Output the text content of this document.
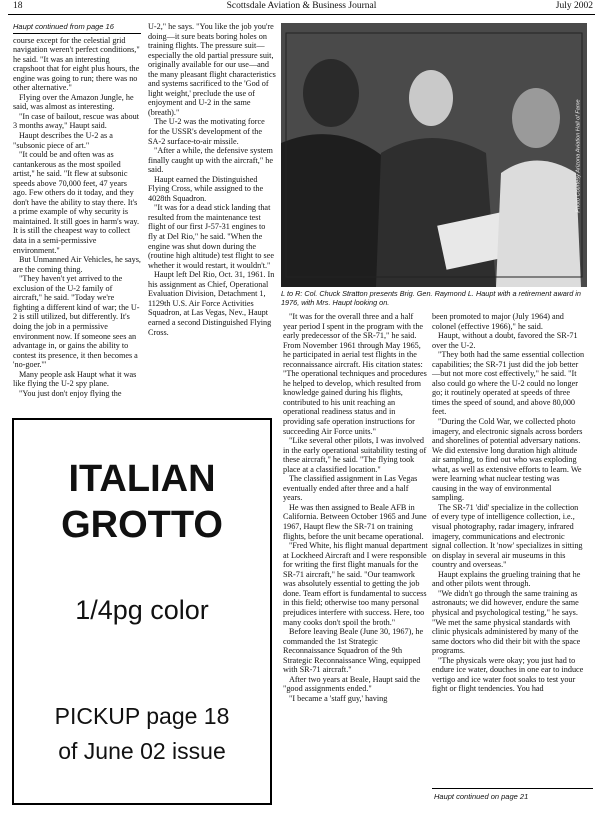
18	Scottsdale Aviation & Business Journal	July 2002

Haupt continued from page 16

course except for the celestial grid navigation weren't perfect conditions," he said. "It was an interesting crapshoot that for eight plus hours, the engine was going to run; there was no other alternative."
	Flying over the Amazon Jungle, he said, was almost as interesting.
	"In case of bailout, rescue was about 3 months away," Haupt said.
	Haupt describes the U-2 as a "subsonic piece of art."
	"It could be and often was as cantankerous as the most spoiled artist," he said. "It flew at subsonic speeds above 70,000 feet, 47 years ago. Few others do it today, and they don't have the ability to stay there. It's a prime example of why security is maintained. It still goes in harm's way. It is still the cheapest way to collect data in a semi-permissive environment."
	But Unmanned Air Vehicles, he says, are the coming thing.
	"They haven't yet arrived to the exclusion of the U-2 family of aircraft," he said. "Today we're fighting a different kind of war; the U-2 is still utilized, but differently. It's doing the job in a permissive environment now. If someone sees an advantage in, or gains the ability to contest its presence, it then becomes a 'no-goer.'"
	Many people ask Haupt what it was like flying the U-2 spy plane.
	"You just don't enjoy flying the

U-2," he says. "You like the job you're doing—it sure beats boring holes on training flights. The pressure suit—especially the old partial pressure suit, originally available for our use—and the many pleasant flight characteristics and systems sacrificed to the 'God of light weight,' preclude the use of enjoyment and U-2 in the same (breath)."
	The U-2 was the motivating force for the USSR's development of the SA-2 surface-to-air missile.
	"After a while, the defensive system finally caught up with the aircraft," he said.
	Haupt earned the Distinguished Flying Cross, while assigned to the 4028th Squadron.
	"It was for a dead stick landing that resulted from the maintenance test flight of our first J-57-31 engines to fly at Del Rio," he said. "When the engine was shut down during the (routine high altitude) test flight to see whether it would restart, it wouldn't."
	Haupt left Del Rio, Oct. 31, 1961. In his assignment as Chief, Operational Evaluation Division, Detachment 1, 1129th U.S. Air Force Activities Squadron, at Las Vegas, Nev., Haupt earned a second Distinguished Flying Cross.

Photo Courtesy Arizona Aviation Hall of Fame
L to R: Col. Chuck Stratton presents Brig. Gen. Raymond L. Haupt with a retirement award in 1976, with Mrs. Haupt looking on.

	"It was for the overall three and a half year period I spent in the program with the early predecessor of the SR-71," he said. From November 1961 through May 1965, he participated in aerial test flights in the reconnaissance aircraft. His citation states: "The operational techniques and procedures he helped to develop, which resulted from knowledge gained during his flights, contributed to his unit reaching an operational readiness status and in providing safe operation instructions for succeeding Air Force units."
	"Like several other pilots, I was involved in the early operational suitability testing of these aircraft," he said. "The flying took place at a classified location."
	The classified assignment in Las Vegas eventually ended after three and a half years.
	He was then assigned to Beale AFB in California. Between October 1965 and June 1967, Haupt flew the SR-71 on training flights, before the unit became operational.
	"Fred White, his flight manual department at Lockheed Aircraft and I were responsible for writing the first flight manuals for the SR-71 aircraft," he said. "Our teamwork was absolutely essential to getting the job done. Team effort is fundamental to success in this field; otherwise too many personal prejudices interfere with success. Here, too many cooks don't spoil the broth."
	Before leaving Beale (June 30, 1967), he commanded the 1st Strategic Reconnaissance Squadron of the 9th Strategic Reconnaissance Wing, equipped with SR-71 aircraft."
	After two years at Beale, Haupt said the "good assignments ended."
	"I became a 'staff guy,' having

been promoted to major (July 1964) and colonel (effective 1966)," he said.
	Haupt, without a doubt, favored the SR-71 over the U-2.
	"They both had the same essential collection capabilities; the SR-71 just did the job better—but not more cost effectively," he said. "It also could go where the U-2 could no longer go; it routinely operated at speeds of three times the speed of sound, and above 80,000 feet.
	"During the Cold War, we collected photo imagery, and electronic signals across borders and shorelines of potential adversary nations. We did extensive long duration high altitude air sampling, to find out who was exploding what, as well as extensive efforts to learn. We were learning what nuclear testing was causing in the way of environmental sampling.
	The SR-71 'did' specialize in the collection of every type of intelligence collection, i.e., visual photography, radar imagery, infrared imagery, communications and electronic signal collection. It 'now' specializes in sitting on display in several air museums in this country and overseas."
	Haupt explains the grueling training that he and other pilots went through.
	"We didn't go through the same training as astronauts; we did however, endure the same physical and psychological testing," he says. "We met the same physical standards with clinic physicals administered by many of the same doctors who did their bit with the space programs.
	"The physicals were okay; you just had to endure ice water, douches in one ear to induce vertigo and ice water foot soaks to test your fight or flight tendencies. You had

Haupt continued on page 21
ITALIAN
GROTTO
1/4pg color
PICKUP page 18
of June 02 issue
